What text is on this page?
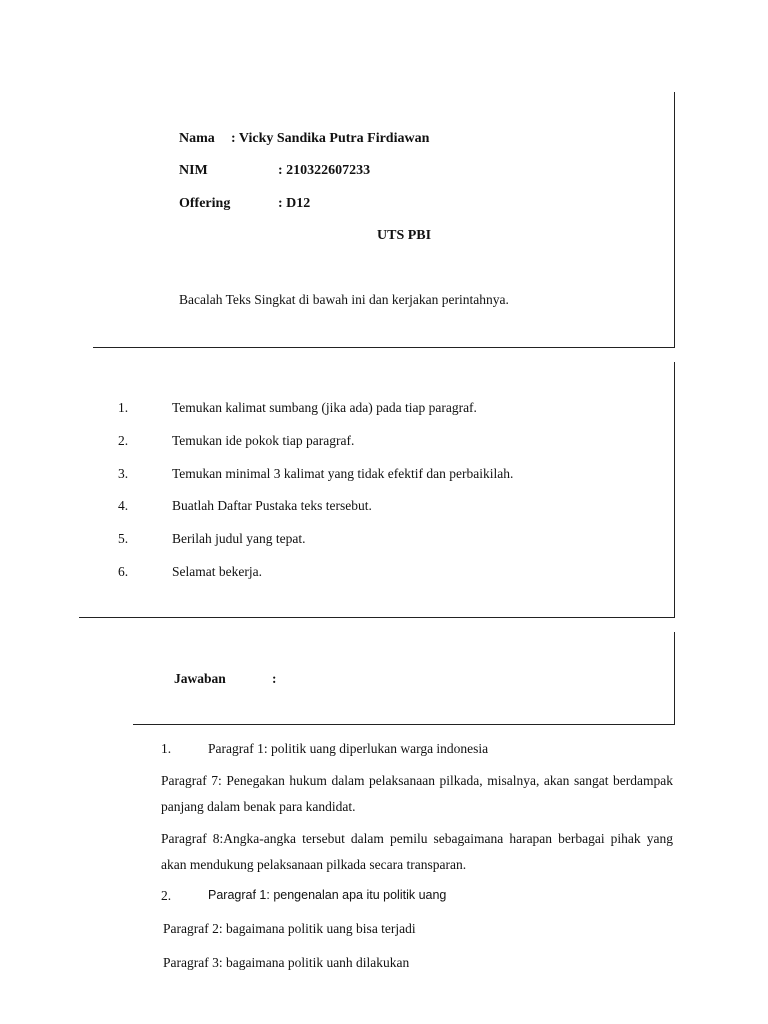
Nama : Vicky Sandika Putra Firdiawan
NIM	: 210322607233
Offering	: D12
UTS PBI
Bacalah Teks Singkat di bawah ini dan kerjakan perintahnya.
1.	Temukan kalimat sumbang (jika ada) pada tiap paragraf.
2.	Temukan ide pokok tiap paragraf.
3.	Temukan minimal 3 kalimat yang tidak efektif dan perbaikilah.
4.	Buatlah Daftar Pustaka teks tersebut.
5.	Berilah judul yang tepat.
6.	Selamat bekerja.
Jawaban	:
1.	Paragraf 1: politik uang diperlukan warga indonesia
Paragraf 7: Penegakan hukum dalam pelaksanaan pilkada, misalnya, akan sangat berdampak panjang dalam benak para kandidat.
Paragraf 8:Angka-angka tersebut dalam pemilu sebagaimana harapan berbagai pihak yang akan mendukung pelaksanaan pilkada secara transparan.
2.	Paragraf 1: pengenalan apa itu politik uang
Paragraf 2: bagaimana politik uang bisa terjadi
Paragraf 3: bagaimana politik uanh dilakukan
